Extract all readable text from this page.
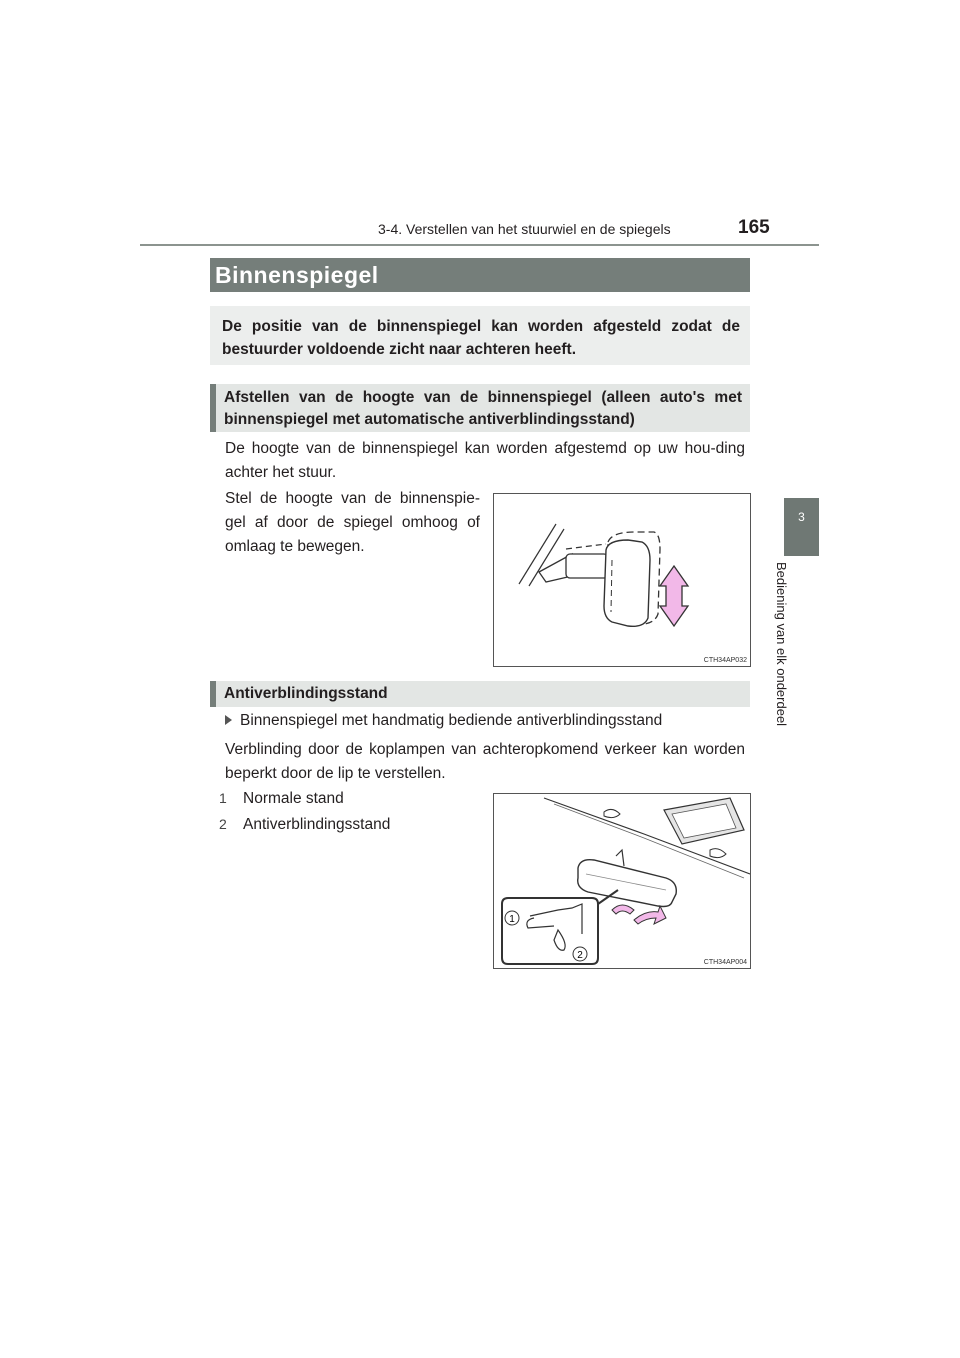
3-4. Verstellen van het stuurwiel en de spiegels	165
3
Bediening van elk onderdeel
Binnenspiegel

De positie van de binnenspiegel kan worden afgesteld zodat de bestuurder voldoende zicht naar achteren heeft.

Afstellen van de hoogte van de binnenspiegel (alleen auto's met binnenspiegel met automatische antiverblindingsstand)

De hoogte van de binnenspiegel kan worden afgestemd op uw hou-ding achter het stuur.

Stel de hoogte van de binnenspie-gel af door de spiegel omhoog of omlaag te bewegen.

CTH34AP032

Antiverblindingsstand

Binnenspiegel met handmatig bediende antiverblindingsstand

Verblinding door de koplampen van achteropkomend verkeer kan worden beperkt door de lip te verstellen.

1 Normale stand
2 Antiverblindingsstand
1
2
CTH34AP004
